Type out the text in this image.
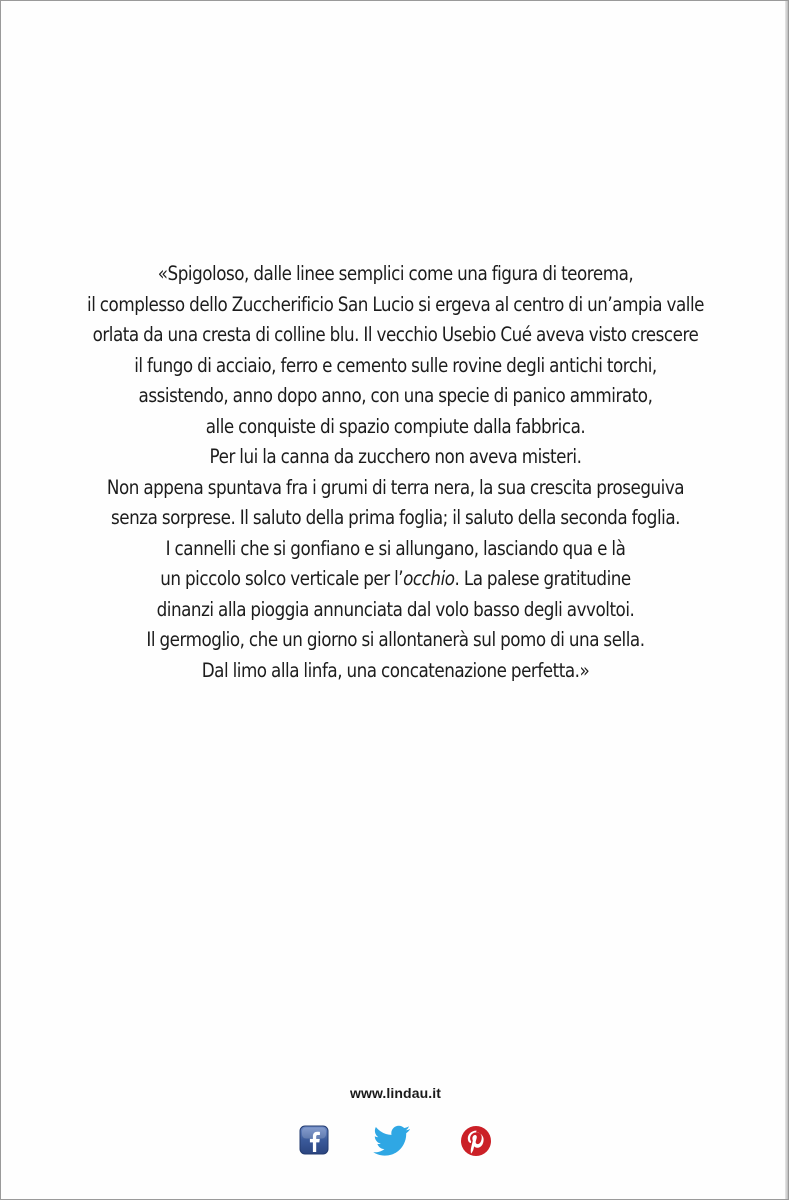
«Spigoloso, dalle linee semplici come una figura di teorema,
il complesso dello Zuccherificio San Lucio si ergeva al centro di un’ampia valle
orlata da una cresta di colline blu. Il vecchio Usebio Cué aveva visto crescere
il fungo di acciaio, ferro e cemento sulle rovine degli antichi torchi,
assistendo, anno dopo anno, con una specie di panico ammirato,
alle conquiste di spazio compiute dalla fabbrica.
Per lui la canna da zucchero non aveva misteri.
Non appena spuntava fra i grumi di terra nera, la sua crescita proseguiva
senza sorprese. Il saluto della prima foglia; il saluto della seconda foglia.
I cannelli che si gonfiano e si allungano, lasciando qua e là
un piccolo solco verticale per l’occhio. La palese gratitudine
dinanzi alla pioggia annunciata dal volo basso degli avvoltoi.
Il germoglio, che un giorno si allontanerà sul pomo di una sella.
Dal limo alla linfa, una concatenazione perfetta.»
www.lindau.it
